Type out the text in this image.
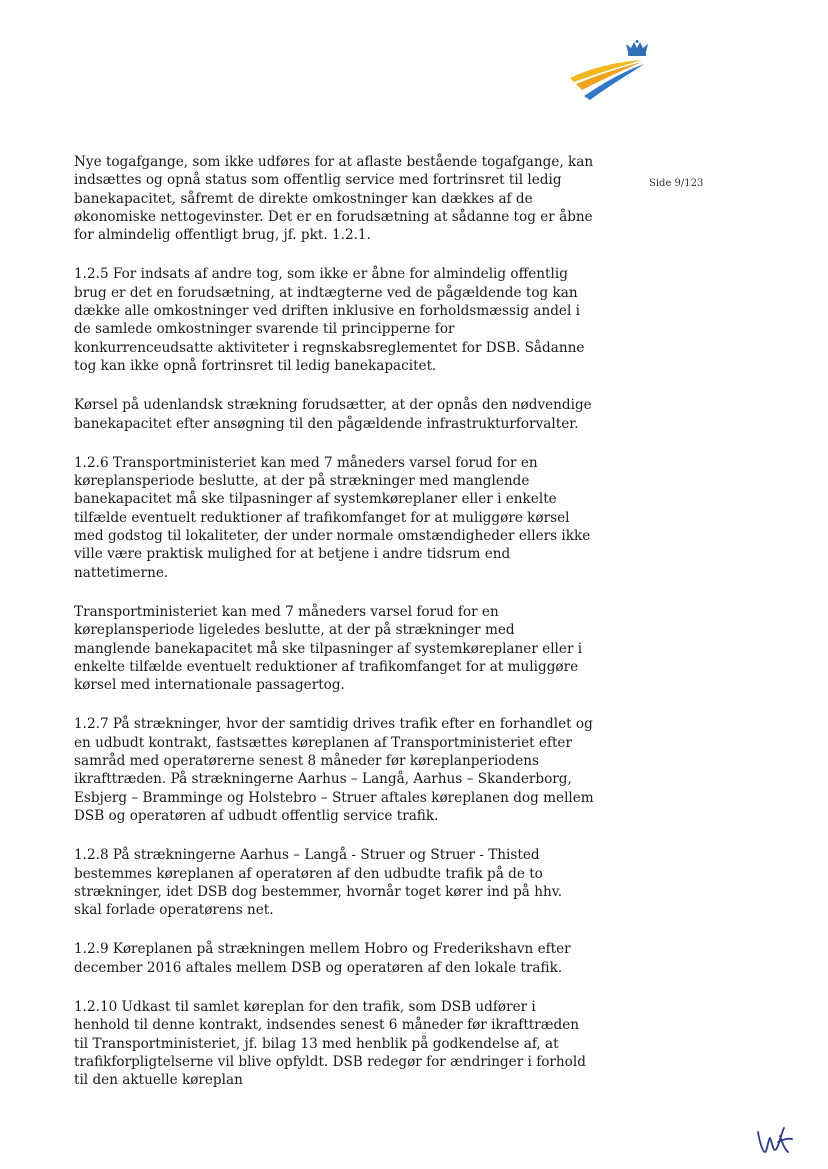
Side 9/123

Nye togafgange, som ikke udføres for at aflaste bestående togafgange, kan indsættes og opnå status som offentlig service med fortrinsret til ledig banekapacitet, såfremt de direkte omkostninger kan dækkes af de økonomiske nettogevinster. Det er en forudsætning at sådanne tog er åbne for almindelig offentligt brug, jf. pkt. 1.2.1.

1.2.5 For indsats af andre tog, som ikke er åbne for almindelig offentlig brug er det en forudsætning, at indtægterne ved de pågældende tog kan dække alle omkostninger ved driften inklusive en forholdsmæssig andel i de samlede omkostninger svarende til principperne for konkurrenceudsatte aktiviteter i regnskabsreglementet for DSB. Sådanne tog kan ikke opnå fortrinsret til ledig banekapacitet.

Kørsel på udenlandsk strækning forudsætter, at der opnås den nødvendige banekapacitet efter ansøgning til den pågældende infrastrukturforvalter.

1.2.6 Transportministeriet kan med 7 måneders varsel forud for en køreplansperiode beslutte, at der på strækninger med manglende banekapacitet må ske tilpasninger af systemkøreplaner eller i enkelte tilfælde eventuelt reduktioner af trafikomfanget for at muliggøre kørsel med godstog til lokaliteter, der under normale omstændigheder ellers ikke ville være praktisk mulighed for at betjene i andre tidsrum end nattetimerne.

Transportministeriet kan med 7 måneders varsel forud for en køreplansperiode ligeledes beslutte, at der på strækninger med manglende banekapacitet må ske tilpasninger af systemkøreplaner eller i enkelte tilfælde eventuelt reduktioner af trafikomfanget for at muliggøre kørsel med internationale passagertog.

1.2.7 På strækninger, hvor der samtidig drives trafik efter en forhandlet og en udbudt kontrakt, fastsættes køreplanen af Transportministeriet efter samråd med operatørerne senest 8 måneder før køreplanperiodens ikrafttræden. På strækningerne Aarhus – Langå, Aarhus – Skanderborg, Esbjerg – Bramminge og Holstebro – Struer aftales køreplanen dog mellem DSB og operatøren af udbudt offentlig service trafik.

1.2.8 På strækningerne Aarhus – Langå - Struer og Struer - Thisted bestemmes køreplanen af operatøren af den udbudte trafik på de to strækninger, idet DSB dog bestemmer, hvornår toget kører ind på hhv. skal forlade operatørens net.

1.2.9 Køreplanen på strækningen mellem Hobro og Frederikshavn efter december 2016 aftales mellem DSB og operatøren af den lokale trafik.

1.2.10 Udkast til samlet køreplan for den trafik, som DSB udfører i henhold til denne kontrakt, indsendes senest 6 måneder før ikrafttræden til Transportministeriet, jf. bilag 13 med henblik på godkendelse af, at trafikforpligtelserne vil blive opfyldt. DSB redegør for ændringer i forhold til den aktuelle køreplan
